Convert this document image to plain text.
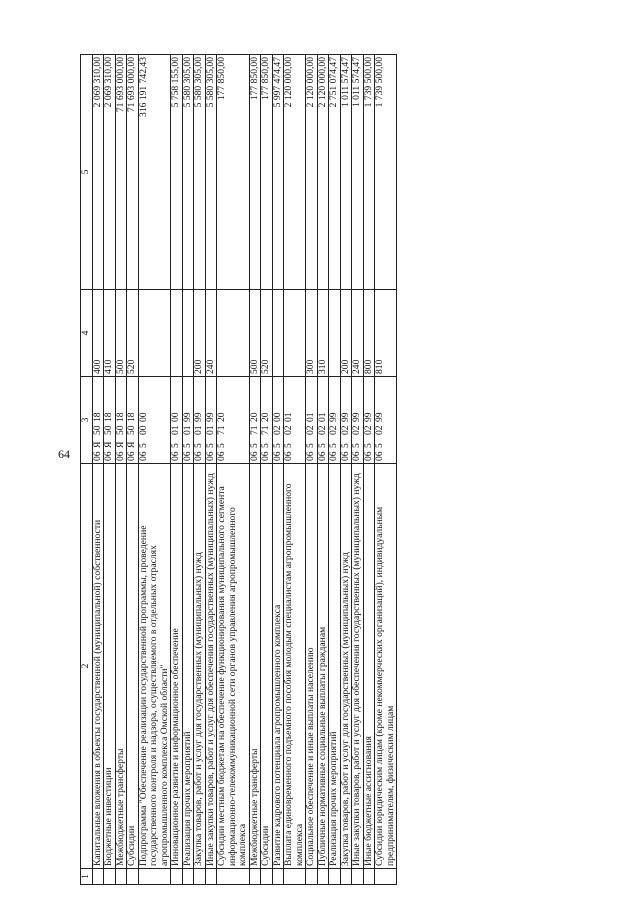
64
1	2	3	4	5
	Капитальные вложения в объекты государственной (муниципальной) собственности	06Я5018	400	2 069 310,00
	Бюджетные инвестиции	06Я5018	410	2 069 310,00
	Межбюджетные трансферты	06Я5018	500	71 693 000,00
	Субсидии	06Я5018	520	71 693 000,00
	Подпрограмма "Обеспечение реализации государственной программы, проведение государственного контроля и надзора, осуществляемого в отдельных отраслях агропромышленного комплекса Омской области"	0650000		316 191 742,43
	Инновационное развитие и информационное обеспечение	0650100		5 758 155,00
	Реализация прочих мероприятий	0650199		5 580 305,00
	Закупка товаров, работ и услуг для государственных (муниципальных) нужд	0650199	200	5 580 305,00
	Иные закупки товаров, работ и услуг для обеспечения государственных (муниципальных) нужд	0650199	240	5 580 305,00
	Субсидии местным бюджетам на обеспечение функционирования муниципального сегмента информационно-телекоммуникационной сети органов управления агропромышленного комплекса	0657120		177 850,00
	Межбюджетные трансферты	0657120	500	177 850,00
	Субсидии	0657120	520	177 850,00
	Развитие кадрового потенциала агропромышленного комплекса	0650200		5 997 474,47
	Выплата единовременного подъемного пособия молодым специалистам агропромышленного комплекса	0650201		2 120 000,00
	Социальное обеспечение и иные выплаты населению	0650201	300	2 120 000,00
	Публичные нормативные социальные выплаты гражданам	0650201	310	2 120 000,00
	Реализация прочих мероприятий	0650299		2 751 074,47
	Закупка товаров, работ и услуг для государственных (муниципальных) нужд	0650299	200	1 011 574,47
	Иные закупки товаров, работ и услуг для обеспечения государственных (муниципальных) нужд	0650299	240	1 011 574,47
	Иные бюджетные ассигнования	0650299	800	1 739 500,00
	Субсидии юридическим лицам (кроме некоммерческих организаций), индивидуальным предпринимателям, физическим лицам	0650299	810	1 739 500,00
